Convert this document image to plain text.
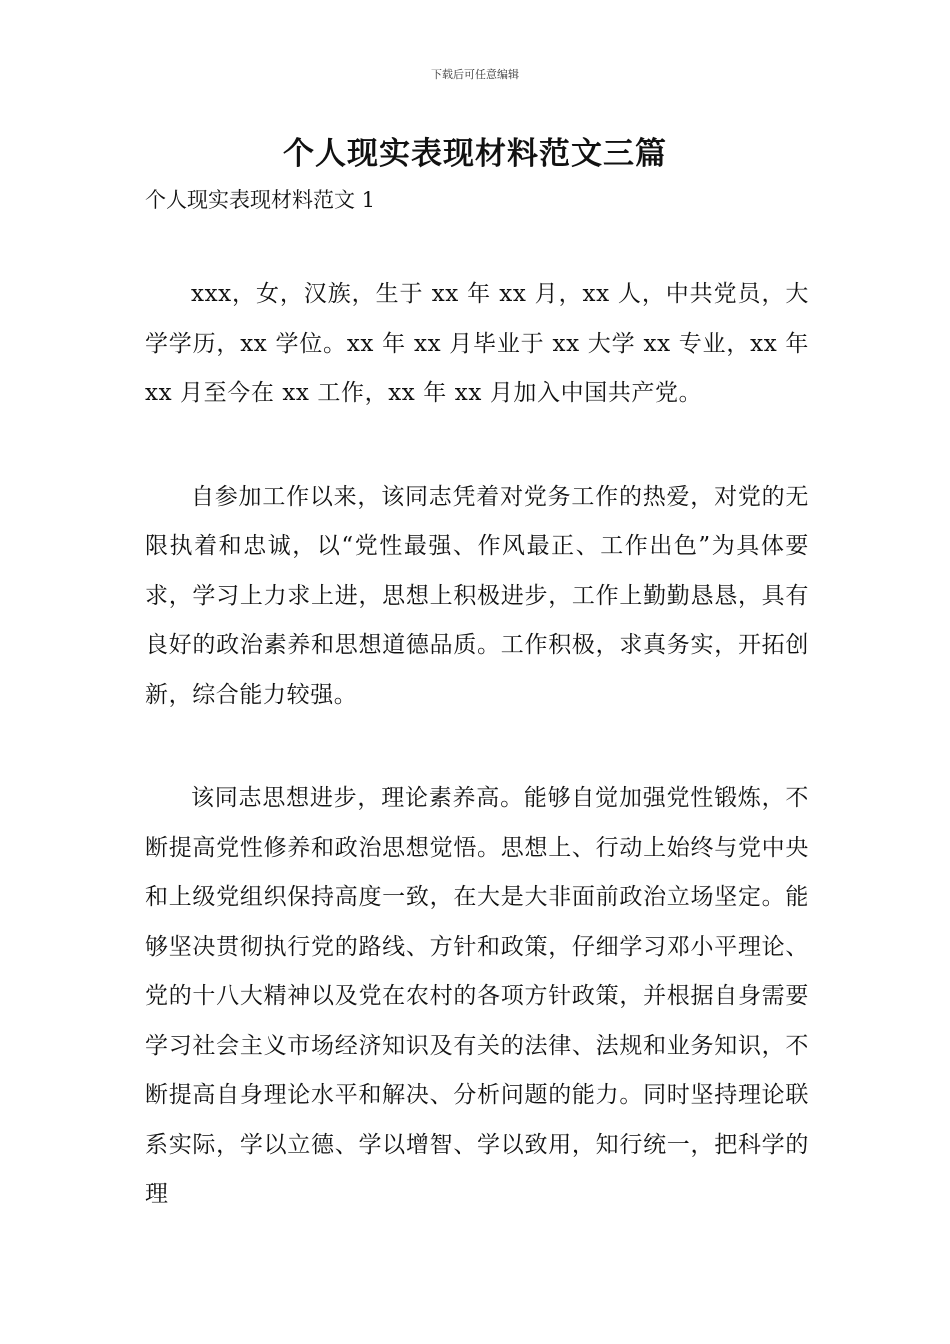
下载后可任意编辑
个人现实表现材料范文三篇

个人现实表现材料范文 1

xxx，女，汉族，生于 xx 年 xx 月，xx 人，中共党员，大学学历，xx 学位。xx 年 xx 月毕业于 xx 大学 xx 专业，xx 年 xx 月至今在 xx 工作，xx 年 xx 月加入中国共产党。

自参加工作以来，该同志凭着对党务工作的热爱，对党的无限执着和忠诚，以“党性最强、作风最正、工作出色”为具体要求，学习上力求上进，思想上积极进步，工作上勤勤恳恳，具有良好的政治素养和思想道德品质。工作积极，求真务实，开拓创新，综合能力较强。

该同志思想进步，理论素养高。能够自觉加强党性锻炼，不断提高党性修养和政治思想觉悟。思想上、行动上始终与党中央和上级党组织保持高度一致，在大是大非面前政治立场坚定。能够坚决贯彻执行党的路线、方针和政策，仔细学习邓小平理论、党的十八大精神以及党在农村的各项方针政策，并根据自身需要学习社会主义市场经济知识及有关的法律、法规和业务知识，不断提高自身理论水平和解决、分析问题的能力。同时坚持理论联系实际，学以立德、学以增智、学以致用，知行统一，把科学的理
